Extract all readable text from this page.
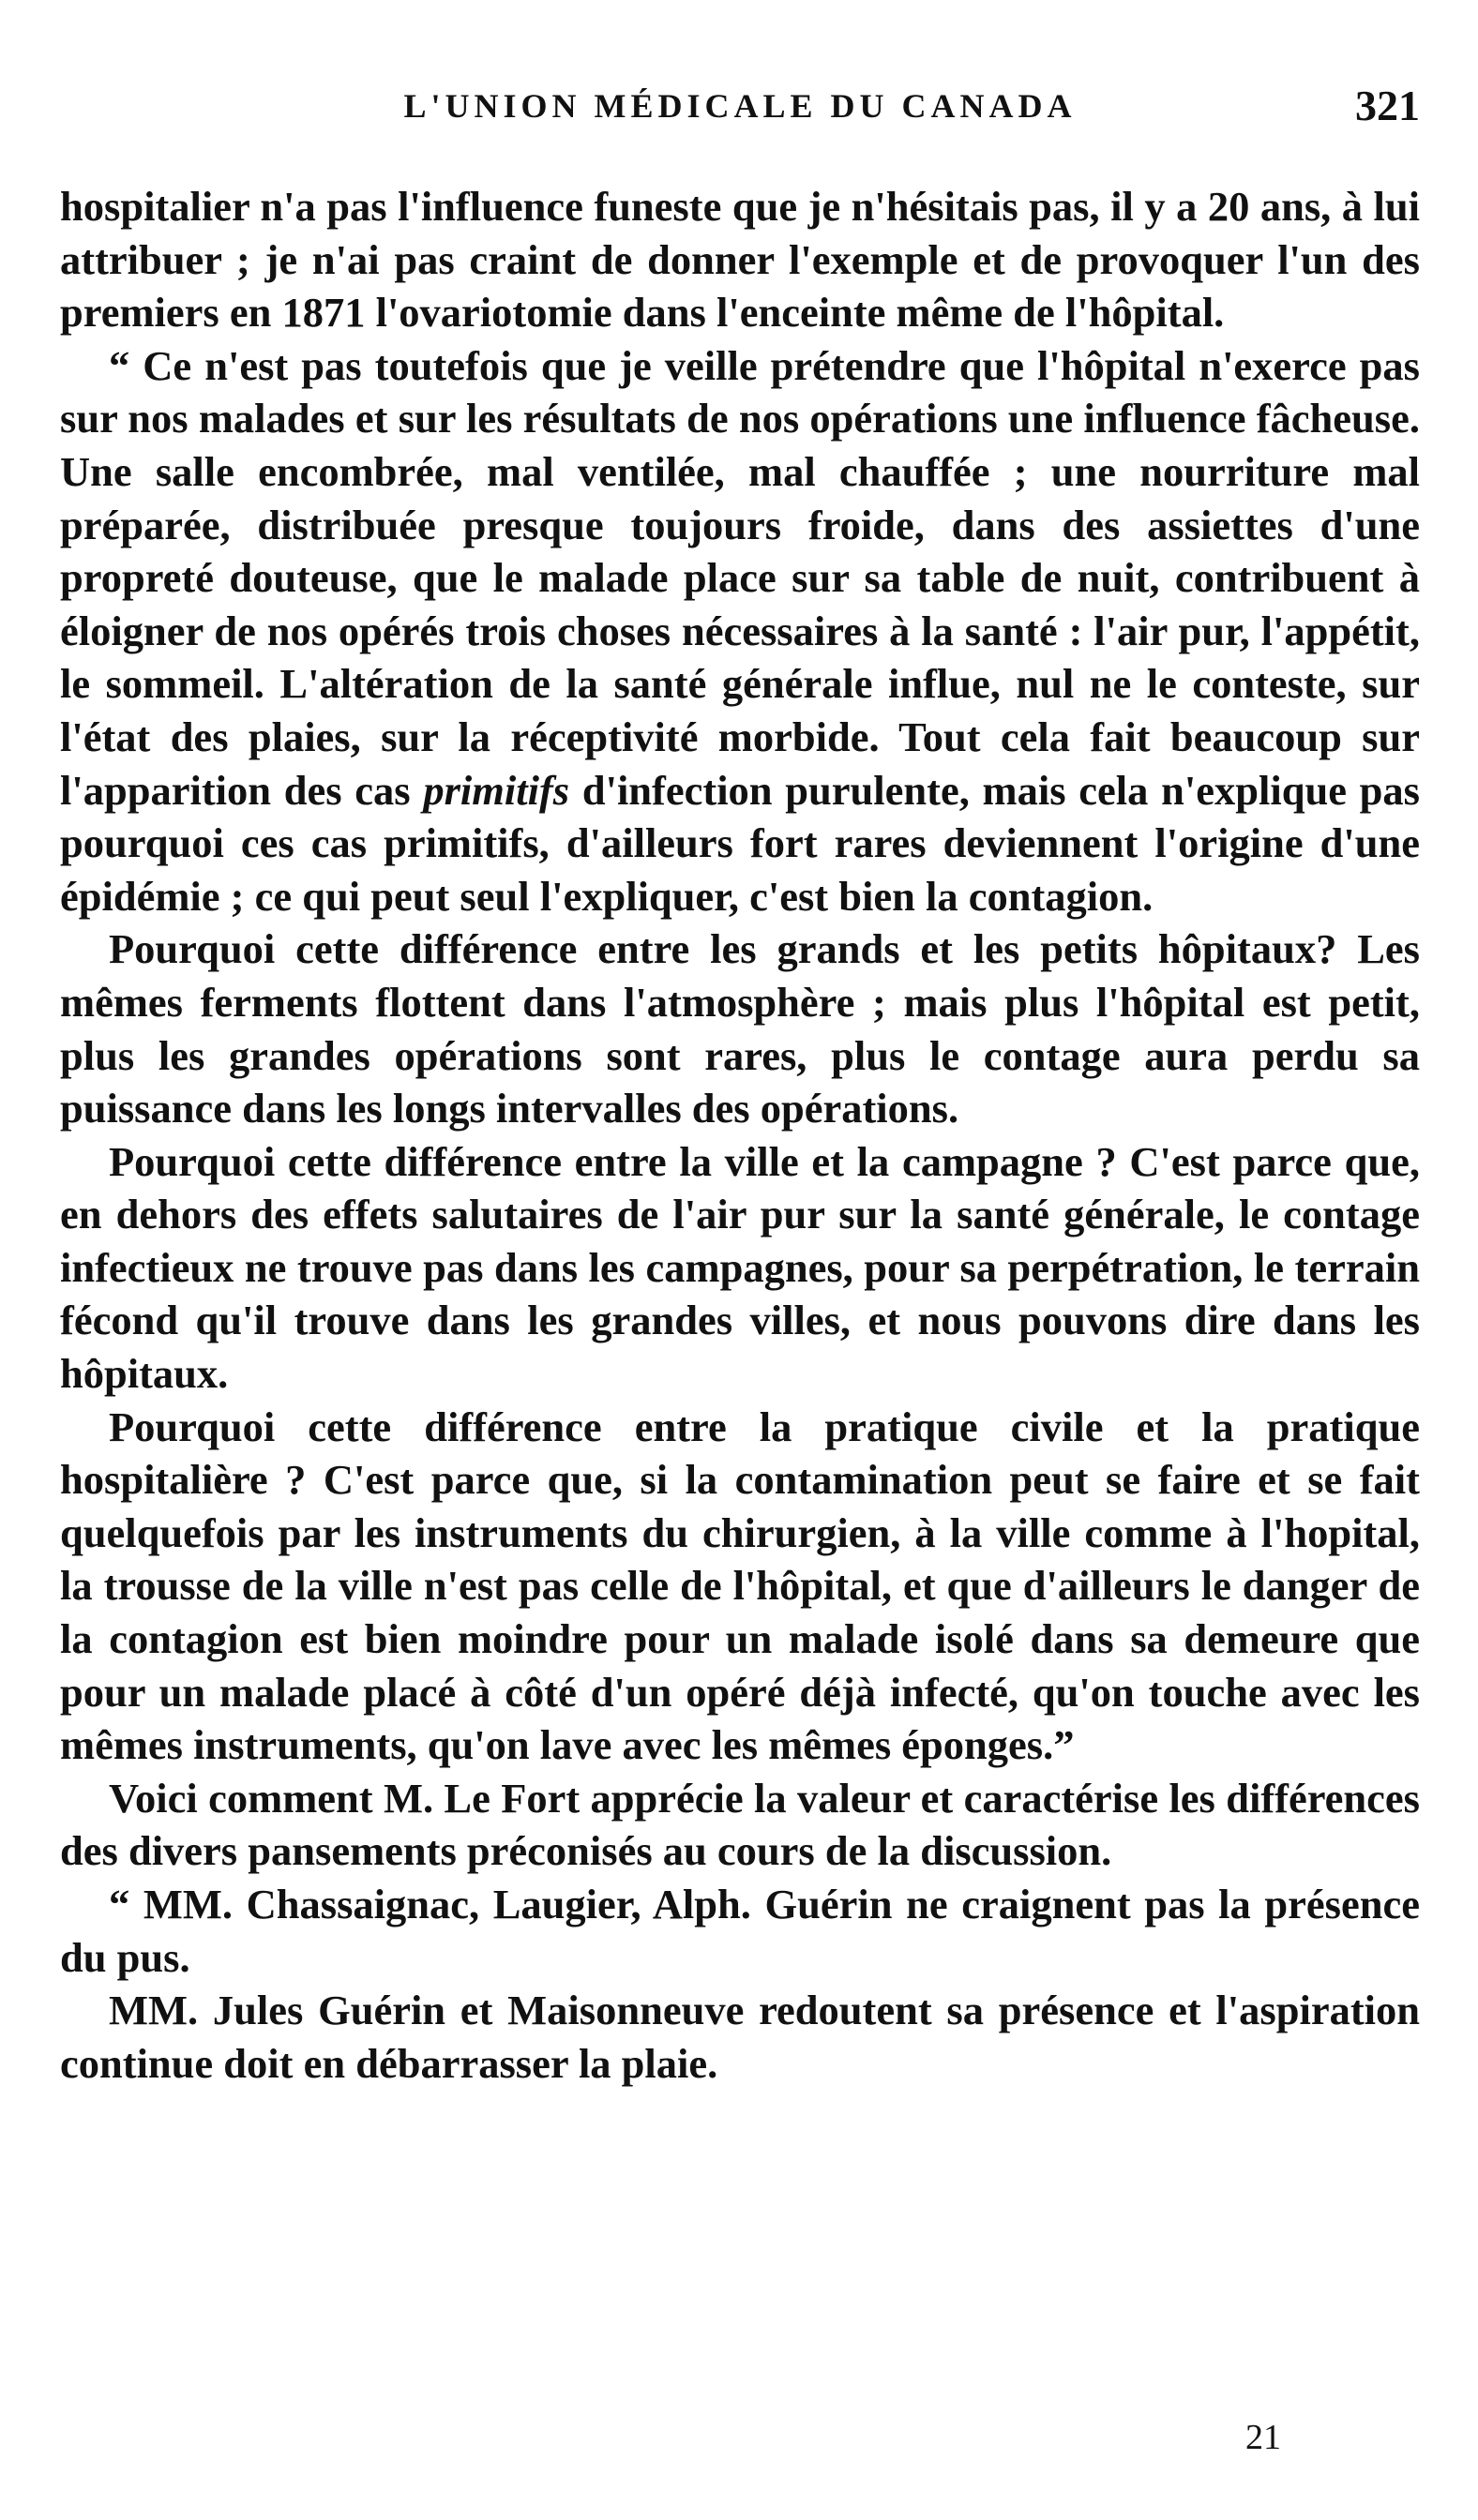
L'UNION MÉDICALE DU CANADA	321

hospitalier n'a pas l'influence funeste que je n'hésitais pas, il y a 20 ans, à lui attribuer ; je n'ai pas craint de donner l'exemple et de provoquer l'un des premiers en 1871 l'ovariotomie dans l'enceinte même de l'hôpital.

“ Ce n'est pas toutefois que je veille prétendre que l'hôpital n'exerce pas sur nos malades et sur les résultats de nos opérations une influence fâcheuse. Une salle encombrée, mal ventilée, mal chauffée ; une nourriture mal préparée, distribuée presque toujours froide, dans des assiettes d'une propreté douteuse, que le malade place sur sa table de nuit, contribuent à éloigner de nos opérés trois choses nécessaires à la santé : l'air pur, l'appétit, le sommeil. L'altération de la santé générale influe, nul ne le conteste, sur l'état des plaies, sur la réceptivité morbide. Tout cela fait beaucoup sur l'apparition des cas primitifs d'infection purulente, mais cela n'explique pas pourquoi ces cas primitifs, d'ailleurs fort rares deviennent l'origine d'une épidémie ; ce qui peut seul l'expliquer, c'est bien la contagion.

Pourquoi cette différence entre les grands et les petits hôpitaux? Les mêmes ferments flottent dans l'atmosphère ; mais plus l'hôpital est petit, plus les grandes opérations sont rares, plus le contage aura perdu sa puissance dans les longs intervalles des opérations.

Pourquoi cette différence entre la ville et la campagne ? C'est parce que, en dehors des effets salutaires de l'air pur sur la santé générale, le contage infectieux ne trouve pas dans les campagnes, pour sa perpétration, le terrain fécond qu'il trouve dans les grandes villes, et nous pouvons dire dans les hôpitaux.

Pourquoi cette différence entre la pratique civile et la pratique hospitalière ? C'est parce que, si la contamination peut se faire et se fait quelquefois par les instruments du chirurgien, à la ville comme à l'hopital, la trousse de la ville n'est pas celle de l'hôpital, et que d'ailleurs le danger de la contagion est bien moindre pour un malade isolé dans sa demeure que pour un malade placé à côté d'un opéré déjà infecté, qu'on touche avec les mêmes instruments, qu'on lave avec les mêmes éponges.”

Voici comment M. Le Fort apprécie la valeur et caractérise les différences des divers pansements préconisés au cours de la discussion.

“ MM. Chassaignac, Laugier, Alph. Guérin ne craignent pas la présence du pus.

MM. Jules Guérin et Maisonneuve redoutent sa présence et l'aspiration continue doit en débarrasser la plaie.

21
